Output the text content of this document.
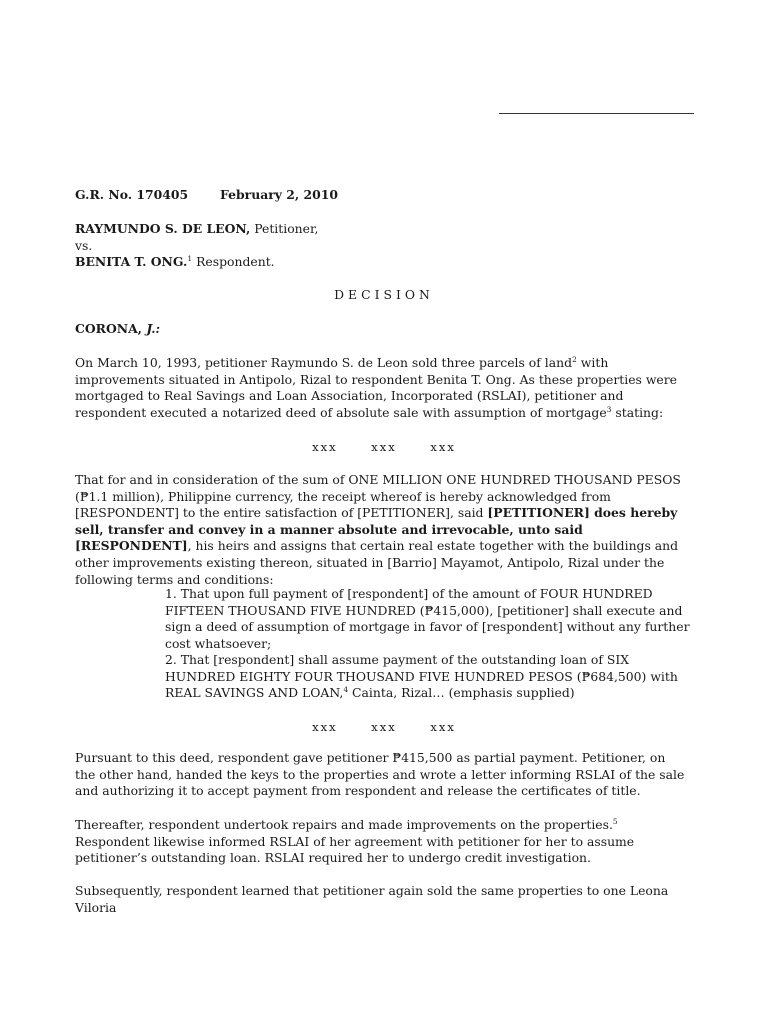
G.R. No. 170405	February 2, 2010
RAYMUNDO S. DE LEON, Petitioner,
vs.
BENITA T. ONG.$^1$ Respondent.
DECISION
CORONA, J.:

On March 10, 1993, petitioner Raymundo S. de Leon sold three parcels of land$^2$ with improvements situated in Antipolo, Rizal to respondent Benita T. Ong. As these properties were mortgaged to Real Savings and Loan Association, Incorporated (RSLAI), petitioner and respondent executed a notarized deed of absolute sale with assumption of mortgage$^3$ stating:

xxx xxx xxx

That for and in consideration of the sum of ONE MILLION ONE HUNDRED THOUSAND PESOS (₱1.1 million), Philippine currency, the receipt whereof is hereby acknowledged from [RESPONDENT] to the entire satisfaction of [PETITIONER], said [PETITIONER] does hereby sell, transfer and convey in a manner absolute and irrevocable, unto said [RESPONDENT], his heirs and assigns that certain real estate together with the buildings and other improvements existing thereon, situated in [Barrio] Mayamot, Antipolo, Rizal under the following terms and conditions:

1. That upon full payment of [respondent] of the amount of FOUR HUNDRED FIFTEEN THOUSAND FIVE HUNDRED (₱415,000), [petitioner] shall execute and sign a deed of assumption of mortgage in favor of [respondent] without any further cost whatsoever;

2. That [respondent] shall assume payment of the outstanding loan of SIX HUNDRED EIGHTY FOUR THOUSAND FIVE HUNDRED PESOS (₱684,500) with REAL SAVINGS AND LOAN,$^4$ Cainta, Rizal… (emphasis supplied)

xxx xxx xxx

Pursuant to this deed, respondent gave petitioner ₱415,500 as partial payment. Petitioner, on the other hand, handed the keys to the properties and wrote a letter informing RSLAI of the sale and authorizing it to accept payment from respondent and release the certificates of title.

Thereafter, respondent undertook repairs and made improvements on the properties.$^5$ Respondent likewise informed RSLAI of her agreement with petitioner for her to assume petitioner’s outstanding loan. RSLAI required her to undergo credit investigation.

Subsequently, respondent learned that petitioner again sold the same properties to one Leona Viloria
